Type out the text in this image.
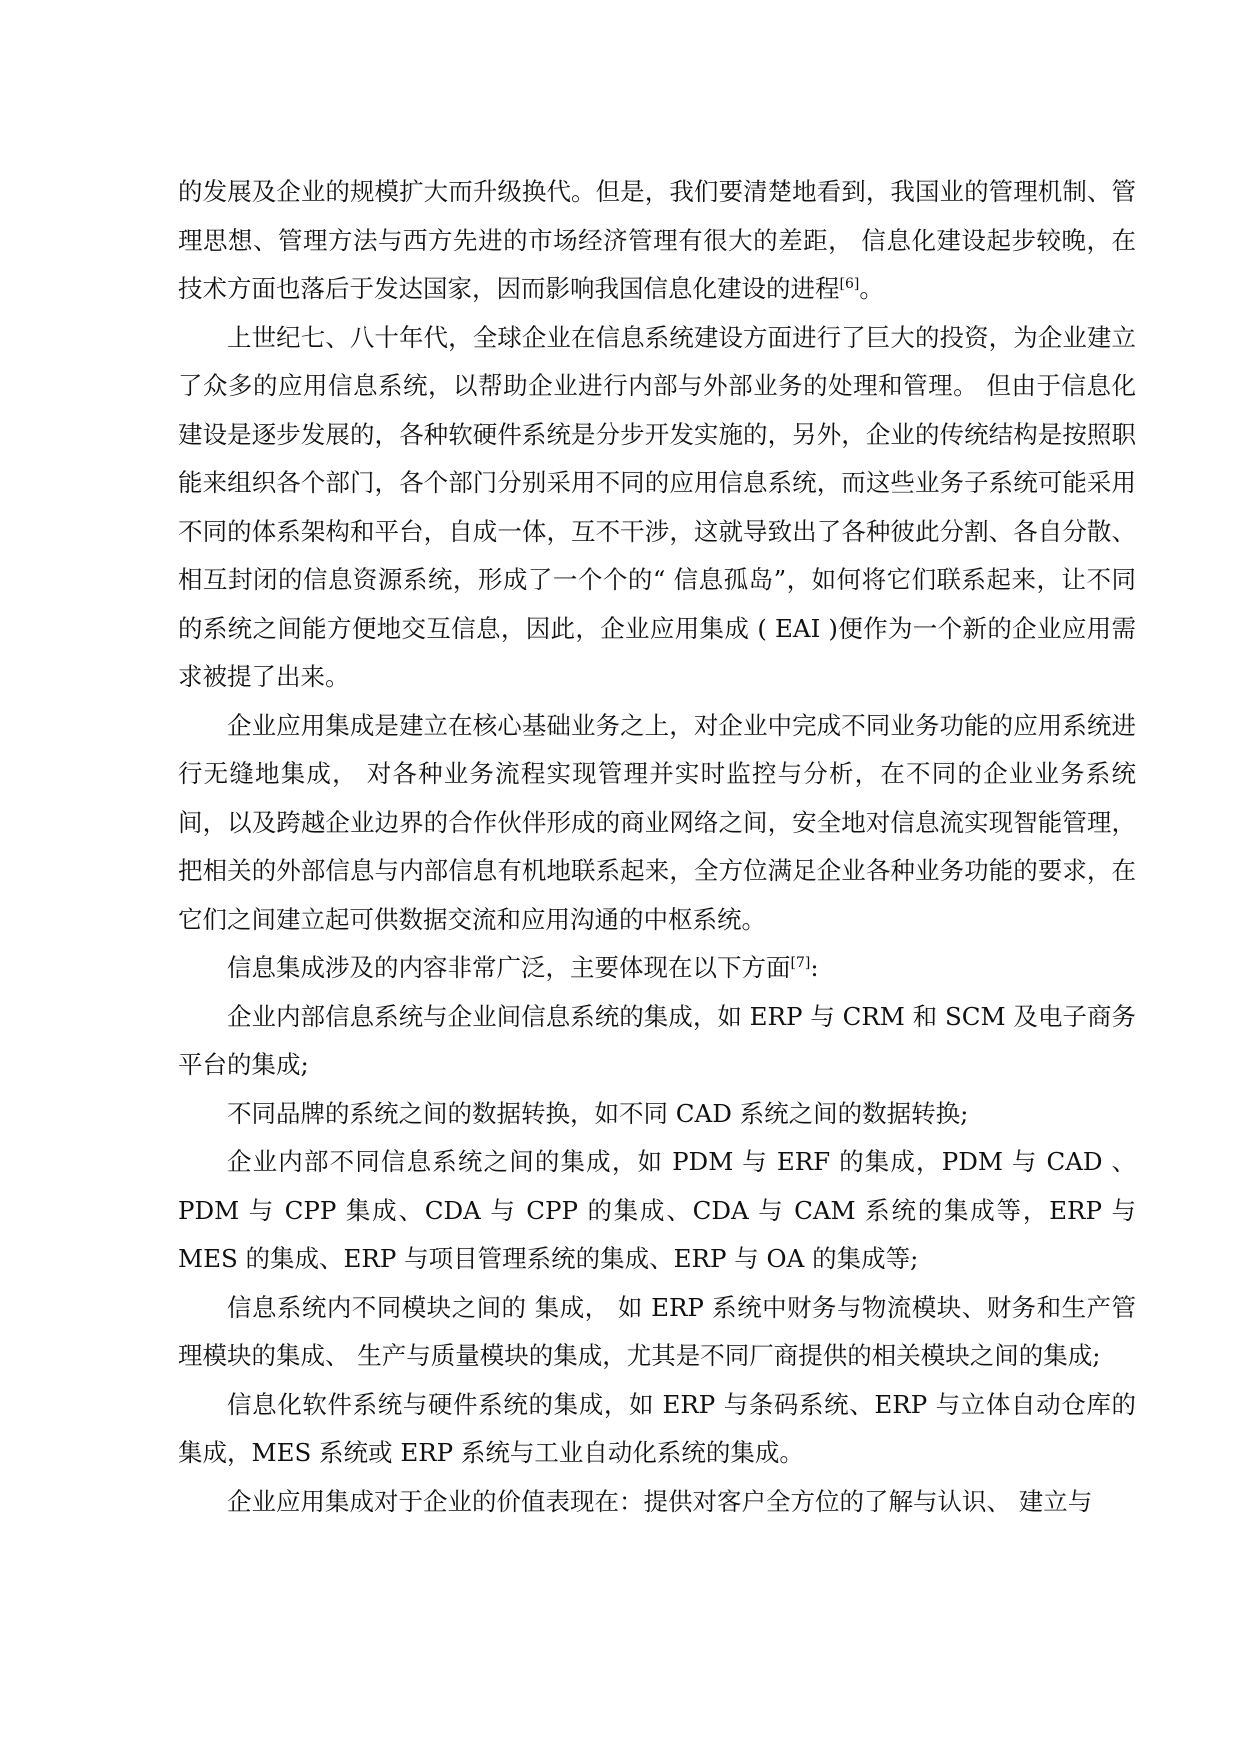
的发展及企业的规模扩大而升级换代。但是，我们要清楚地看到，我国业的管理机制、管理思想、管理方法与西方先进的市场经济管理有很大的差距， 信息化建设起步较晚，在技术方面也落后于发达国家，因而影响我国信息化建设的进程[6]。

上世纪七、八十年代，全球企业在信息系统建设方面进行了巨大的投资，为企业建立了众多的应用信息系统，以帮助企业进行内部与外部业务的处理和管理。 但由于信息化建设是逐步发展的，各种软硬件系统是分步开发实施的，另外，企业的传统结构是按照职能来组织各个部门，各个部门分别采用不同的应用信息系统，而这些业务子系统可能采用不同的体系架构和平台，自成一体，互不干涉，这就导致出了各种彼此分割、各自分散、相互封闭的信息资源系统，形成了一个个的“ 信息孤岛”，如何将它们联系起来，让不同的系统之间能方便地交互信息，因此，企业应用集成 ( EAI )便作为一个新的企业应用需求被提了出来。

企业应用集成是建立在核心基础业务之上，对企业中完成不同业务功能的应用系统进行无缝地集成， 对各种业务流程实现管理并实时监控与分析，在不同的企业业务系统间，以及跨越企业边界的合作伙伴形成的商业网络之间，安全地对信息流实现智能管理， 把相关的外部信息与内部信息有机地联系起来，全方位满足企业各种业务功能的要求，在它们之间建立起可供数据交流和应用沟通的中枢系统。

信息集成涉及的内容非常广泛，主要体现在以下方面[7]:

企业内部信息系统与企业间信息系统的集成，如 ERP 与 CRM 和 SCM 及电子商务平台的集成;

不同品牌的系统之间的数据转换，如不同 CAD 系统之间的数据转换;

企业内部不同信息系统之间的集成，如 PDM 与 ERF 的集成，PDM 与 CAD 、PDM 与 CPP 集成、CDA 与 CPP 的集成、CDA 与 CAM 系统的集成等，ERP 与 MES 的集成、ERP 与项目管理系统的集成、ERP 与 OA 的集成等;

信息系统内不同模块之间的 集成， 如 ERP 系统中财务与物流模块、财务和生产管理模块的集成、 生产与质量模块的集成，尤其是不同厂商提供的相关模块之间的集成;

信息化软件系统与硬件系统的集成，如 ERP 与条码系统、ERP 与立体自动仓库的集成，MES 系统或 ERP 系统与工业自动化系统的集成。

企业应用集成对于企业的价值表现在：提供对客户全方位的了解与认识、 建立与
